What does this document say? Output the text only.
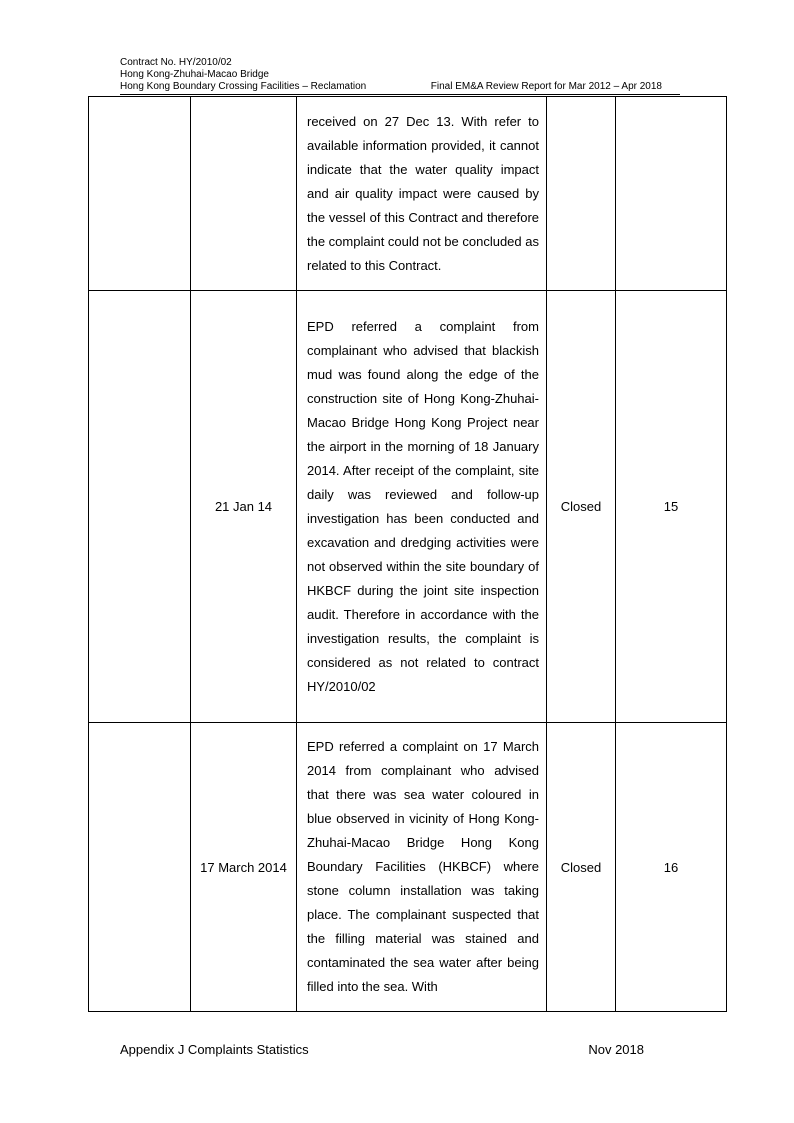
Contract No. HY/2010/02
Hong Kong-Zhuhai-Macao Bridge
Hong Kong Boundary Crossing Facilities – Reclamation	Final EM&A Review Report for Mar 2012 – Apr 2018

		received on 27 Dec 13. With refer to available information provided, it cannot indicate that the water quality impact and air quality impact were caused by the vessel of this Contract and therefore the complaint could not be concluded as related to this Contract.		

	21 Jan 14	EPD referred a complaint from complainant who advised that blackish mud was found along the edge of the construction site of Hong Kong-Zhuhai-Macao Bridge Hong Kong Project near the airport in the morning of 18 January 2014. After receipt of the complaint, site daily was reviewed and follow-up investigation has been conducted and excavation and dredging activities were not observed within the site boundary of HKBCF during the joint site inspection audit. Therefore in accordance with the investigation results, the complaint is considered as not related to contract HY/2010/02	Closed	15
	17 March 2014	EPD referred a complaint on 17 March 2014 from complainant who advised that there was sea water coloured in blue observed in vicinity of Hong Kong-Zhuhai-Macao Bridge Hong Kong Boundary Facilities (HKBCF) where stone column installation was taking place. The complainant suspected that the filling material was stained and contaminated the sea water after being filled into the sea. With	Closed	16
Appendix J Complaints Statistics	Nov 2018
